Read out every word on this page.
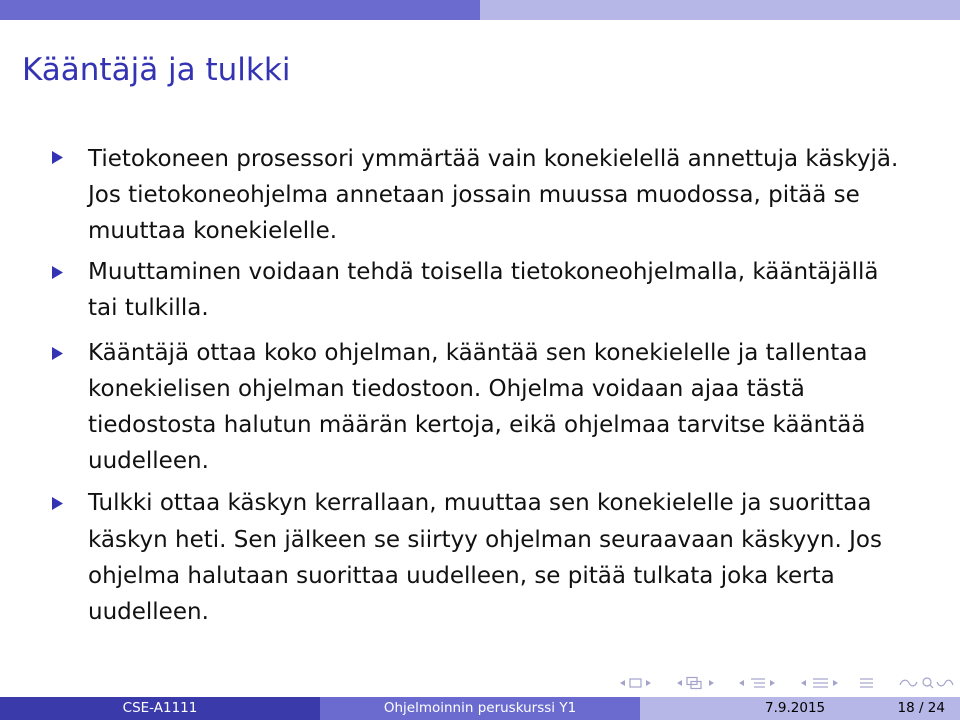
Kääntäjä ja tulkki
Tietokoneen prosessori ymmärtää vain konekielellä annettuja käskyjä.
Jos tietokoneohjelma annetaan jossain muussa muodossa, pitää se
muuttaa konekielelle.
Muuttaminen voidaan tehdä toisella tietokoneohjelmalla, kääntäjällä
tai tulkilla.
Kääntäjä ottaa koko ohjelman, kääntää sen konekielelle ja tallentaa
konekielisen ohjelman tiedostoon. Ohjelma voidaan ajaa tästä
tiedostosta halutun määrän kertoja, eikä ohjelmaa tarvitse kääntää
uudelleen.
Tulkki ottaa käskyn kerrallaan, muuttaa sen konekielelle ja suorittaa
käskyn heti. Sen jälkeen se siirtyy ohjelman seuraavaan käskyyn. Jos
ohjelma halutaan suorittaa uudelleen, se pitää tulkata joka kerta
uudelleen.
CSE-A1111	Ohjelmoinnin peruskurssi Y1	7.9.2015	18 / 24
